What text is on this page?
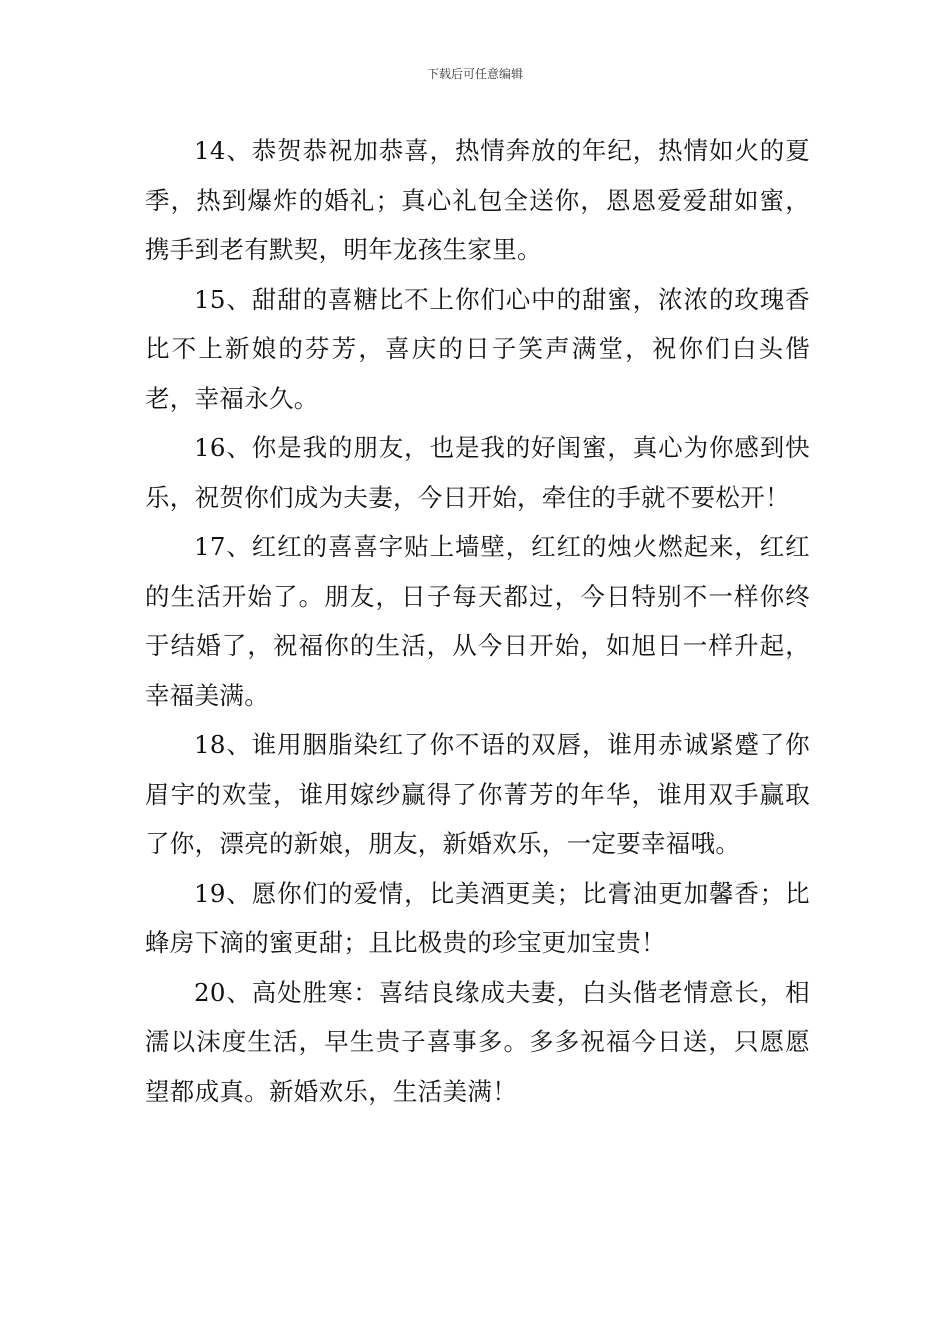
下载后可任意编辑

14、恭贺恭祝加恭喜，热情奔放的年纪，热情如火的夏季，热到爆炸的婚礼；真心礼包全送你，恩恩爱爱甜如蜜，携手到老有默契，明年龙孩生家里。

15、甜甜的喜糖比不上你们心中的甜蜜，浓浓的玫瑰香比不上新娘的芬芳，喜庆的日子笑声满堂，祝你们白头偕老，幸福永久。

16、你是我的朋友，也是我的好闺蜜，真心为你感到快乐，祝贺你们成为夫妻，今日开始，牵住的手就不要松开！

17、红红的喜喜字贴上墙壁，红红的烛火燃起来，红红的生活开始了。朋友，日子每天都过，今日特别不一样你终于结婚了，祝福你的生活，从今日开始，如旭日一样升起，幸福美满。

18、谁用胭脂染红了你不语的双唇，谁用赤诚紧蹙了你眉宇的欢莹，谁用嫁纱赢得了你菁芳的年华，谁用双手赢取了你，漂亮的新娘，朋友，新婚欢乐，一定要幸福哦。

19、愿你们的爱情，比美酒更美；比膏油更加馨香；比蜂房下滴的蜜更甜；且比极贵的珍宝更加宝贵！

20、高处胜寒：喜结良缘成夫妻，白头偕老情意长，相濡以沫度生活，早生贵子喜事多。多多祝福今日送，只愿愿望都成真。新婚欢乐，生活美满！
